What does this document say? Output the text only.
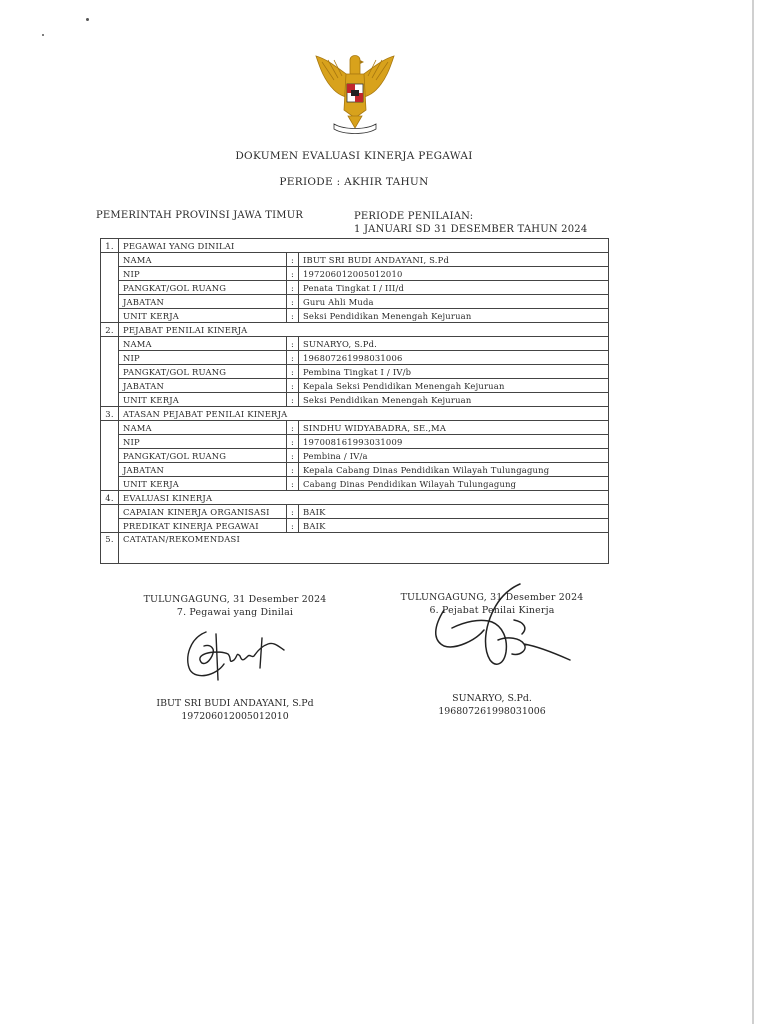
DOKUMEN EVALUASI KINERJA PEGAWAI
PERIODE : AKHIR TAHUN
PEMERINTAH PROVINSI JAWA TIMUR	PERIODE PENILAIAN:
1 JANUARI SD 31 DESEMBER TAHUN 2024
1.	PEGAWAI YANG DINILAI		
	NAMA	:	IBUT SRI BUDI ANDAYANI, S.Pd
	NIP	:	197206012005012010
	PANGKAT/GOL RUANG	:	Penata Tingkat I / III/d
	JABATAN	:	Guru Ahli Muda
	UNIT KERJA	:	Seksi Pendidikan Menengah Kejuruan
2.	PEJABAT PENILAI KINERJA		
	NAMA	:	SUNARYO, S.Pd.
	NIP	:	196807261998031006
	PANGKAT/GOL RUANG	:	Pembina Tingkat I / IV/b
	JABATAN	:	Kepala Seksi Pendidikan Menengah Kejuruan
	UNIT KERJA	:	Seksi Pendidikan Menengah Kejuruan
3.	ATASAN PEJABAT PENILAI KINERJA		
	NAMA	:	SINDHU WIDYABADRA, SE.,MA
	NIP	:	197008161993031009
	PANGKAT/GOL RUANG	:	Pembina / IV/a
	JABATAN	:	Kepala Cabang Dinas Pendidikan Wilayah Tulungagung
	UNIT KERJA	:	Cabang Dinas Pendidikan Wilayah Tulungagung
4.	EVALUASI KINERJA		
	CAPAIAN KINERJA ORGANISASI	:	BAIK
	PREDIKAT KINERJA PEGAWAI	:	BAIK
5.	CATATAN/REKOMENDASI		
TULUNGAGUNG, 31 Desember 2024
7. Pegawai yang Dinilai
IBUT SRI BUDI ANDAYANI, S.Pd
197206012005012010
TULUNGAGUNG, 31 Desember 2024
6. Pejabat Penilai Kinerja
SUNARYO, S.Pd.
196807261998031006
